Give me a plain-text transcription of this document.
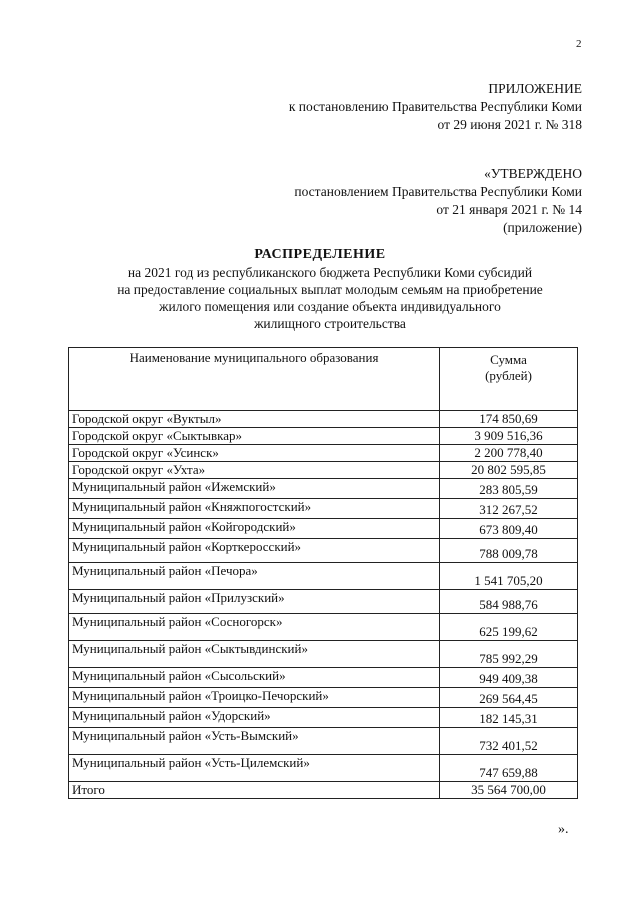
2
ПРИЛОЖЕНИЕ
к постановлению Правительства Республики Коми
от 29 июня 2021 г. № 318
«УТВЕРЖДЕНО
постановлением Правительства Республики Коми
от 21 января 2021 г. № 14
(приложение)
РАСПРЕДЕЛЕНИЕ
на 2021 год из республиканского бюджета Республики Коми субсидий
на предоставление социальных выплат молодым семьям на приобретение
жилого помещения или создание объекта индивидуального
жилищного строительства
Наименование муниципального образования	Сумма
(рублей)

Городской округ «Вуктыл»	174 850,69
Городской округ «Сыктывкар»	3 909 516,36
Городской округ «Усинск»	2 200 778,40
Городской округ «Ухта»	20 802 595,85
Муниципальный район «Ижемский»	283 805,59
Муниципальный район «Княжпогостский»	312 267,52
Муниципальный район «Койгородский»	673 809,40
Муниципальный район «Корткеросский»	788 009,78
Муниципальный район «Печора»	1 541 705,20
Муниципальный район «Прилузский»	584 988,76
Муниципальный район «Сосногорск»	625 199,62
Муниципальный район «Сыктывдинский»	785 992,29
Муниципальный район «Сысольский»	949 409,38
Муниципальный район «Троицко-Печорский»	269 564,45
Муниципальный район «Удорский»	182 145,31
Муниципальный район «Усть-Вымский»	732 401,52
Муниципальный район «Усть-Цилемский»	747 659,88
Итого	35 564 700,00
».
